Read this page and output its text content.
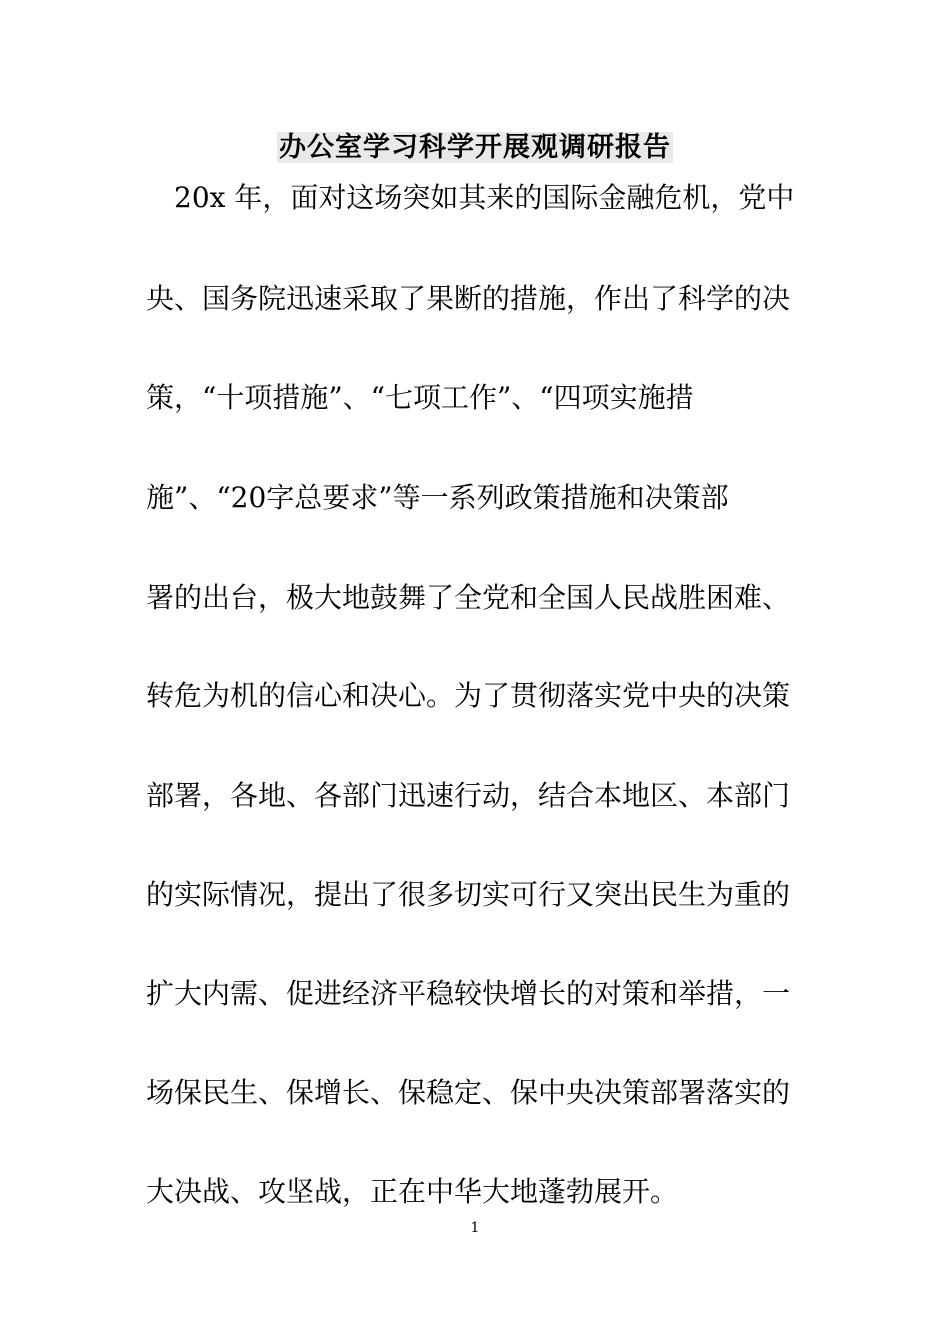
办公室学习科学开展观调研报告
　20x 年，面对这场突如其来的国际金融危机，党中
央、国务院迅速采取了果断的措施，作出了科学的决
策，“十项措施”、“七项工作”、“四项实施措
施”、“20字总要求”等一系列政策措施和决策部
署的出台，极大地鼓舞了全党和全国人民战胜困难、
转危为机的信心和决心。为了贯彻落实党中央的决策
部署，各地、各部门迅速行动，结合本地区、本部门
的实际情况，提出了很多切实可行又突出民生为重的
扩大内需、促进经济平稳较快增长的对策和举措，一
场保民生、保增长、保稳定、保中央决策部署落实的
大决战、攻坚战，正在中华大地蓬勃展开。
1
